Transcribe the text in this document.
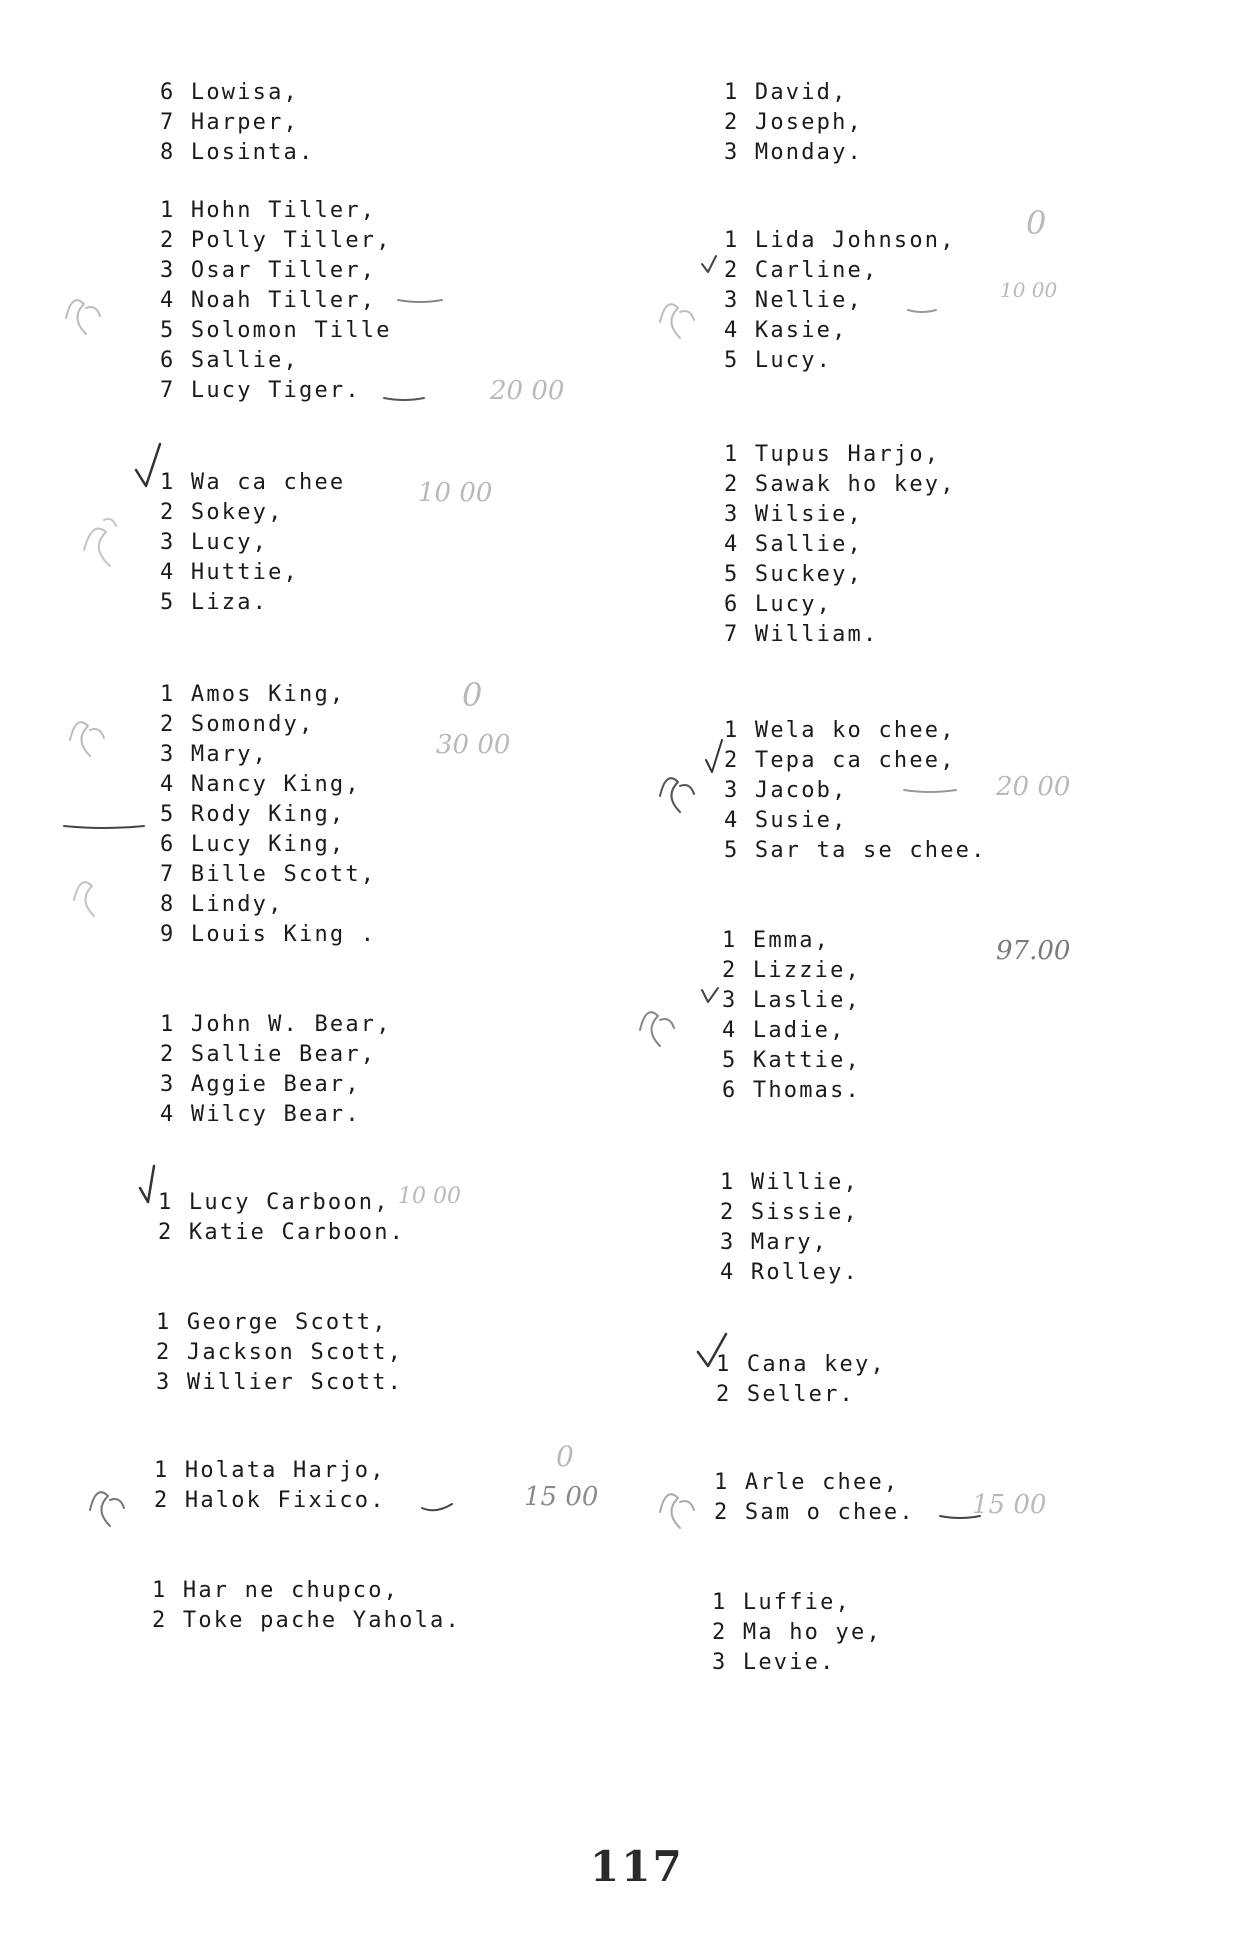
6 Lowisa,
7 Harper,
8 Losinta.
1 Hohn Tiller,
2 Polly Tiller,
3 Osar Tiller,
4 Noah Tiller,
5 Solomon Tille
6 Sallie,
7 Lucy Tiger.
1 Wa ca chee
2 Sokey,
3 Lucy,
4 Huttie,
5 Liza.
1 Amos King,
2 Somondy,
3 Mary,
4 Nancy King,
5 Rody King,
6 Lucy King,
7 Bille Scott,
8 Lindy,
9 Louis King .
1 John W. Bear,
2 Sallie Bear,
3 Aggie Bear,
4 Wilcy Bear.
1 Lucy Carboon,
2 Katie Carboon.
1 George Scott,
2 Jackson Scott,
3 Willier Scott.
1 Holata Harjo,
2 Halok Fixico.
1 Har ne chupco,
2 Toke pache Yahola.
1 David,
2 Joseph,
3 Monday.
1 Lida Johnson,
2 Carline,
3 Nellie,
4 Kasie,
5 Lucy.
1 Tupus Harjo,
2 Sawak ho key,
3 Wilsie,
4 Sallie,
5 Suckey,
6 Lucy,
7 William.
1 Wela ko chee,
2 Tepa ca chee,
3 Jacob,
4 Susie,
5 Sar ta se chee.
1 Emma,
2 Lizzie,
3 Laslie,
4 Ladie,
5 Kattie,
6 Thomas.
1 Willie,
2 Sissie,
3 Mary,
4 Rolley.
1 Cana key,
2 Seller.
1 Arle chee,
2 Sam o chee.
1 Luffie,
2 Ma ho ye,
3 Levie.
20 00
10 00
0
30 00
0
10 00
20 00
97.00
10 00
0
15 00	15 00
117
